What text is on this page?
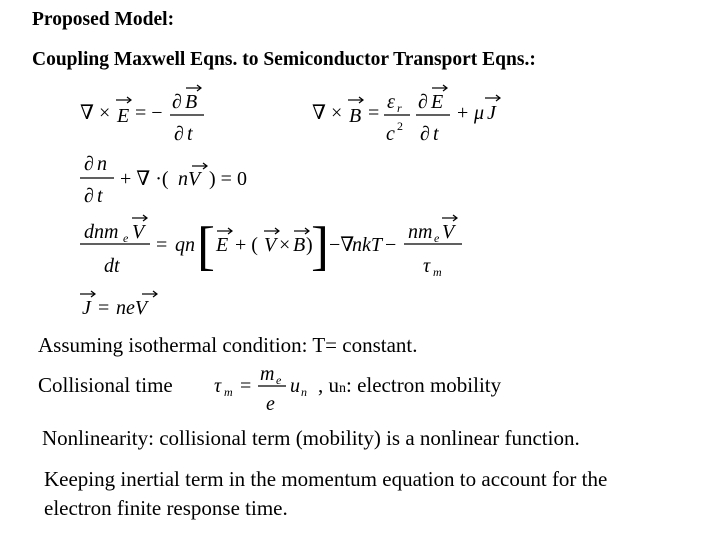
Proposed Model:
Coupling Maxwell Eqns. to Semiconductor Transport Eqns.:
∇ × E = − ∂ B
∂ t
∇ × B = ε r
c 2
∂ E
∂ t
+ μ J
∂ n
∂ t
+ ∇ ·( nV ) = 0
dnm e V
dt
= qn [ E + ( V × B )
] −∇
nkT −
nm e V
τ m
J = neV
Assuming isothermal condition: T= constant.
Collisional time τ m =
m e
e
u n , un: electron mobility
Nonlinearity: collisional term (mobility) is a nonlinear function.
Keeping inertial term in the momentum equation to account for the
electron finite response time.
